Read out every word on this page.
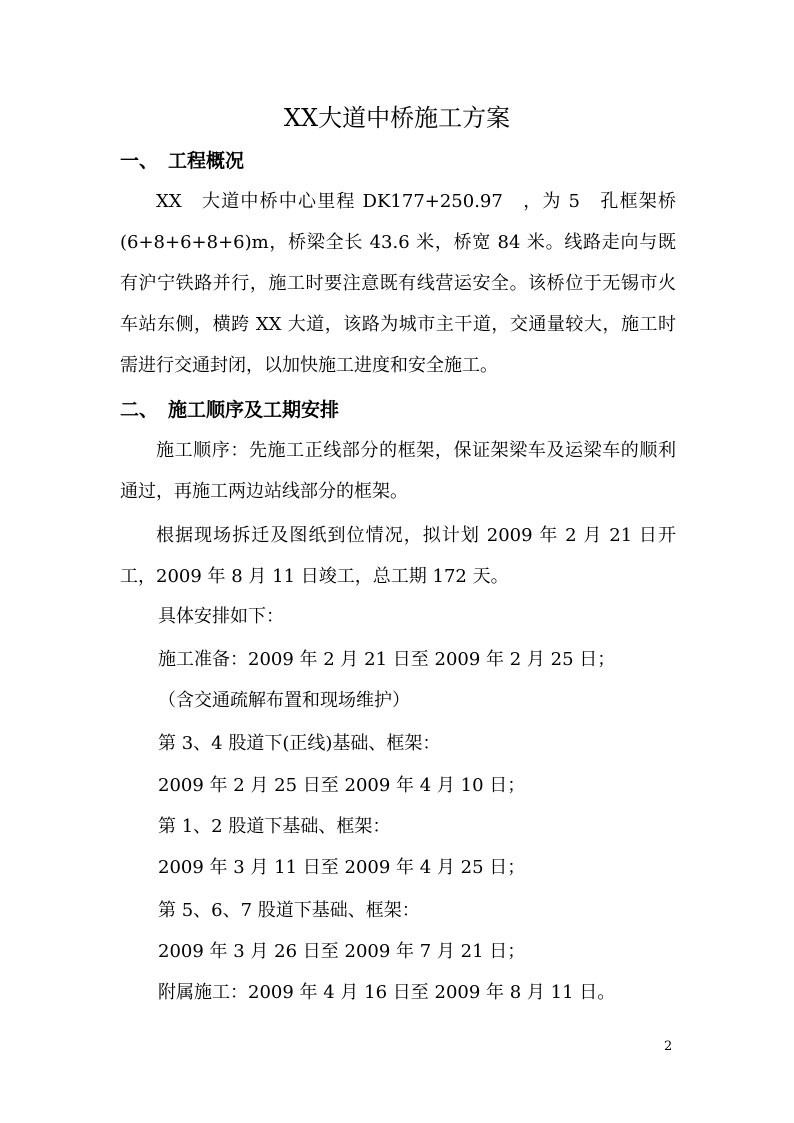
XX大道中桥施工方案
一、 工程概况
XX　大道中桥中心里程 DK177+250.97　，为 5　孔框架桥(6+8+6+8+6)m，桥梁全长 43.6 米，桥宽 84 米。线路走向与既有沪宁铁路并行，施工时要注意既有线营运安全。该桥位于无锡市火车站东侧，横跨 XX 大道，该路为城市主干道，交通量较大，施工时需进行交通封闭，以加快施工进度和安全施工。
二、 施工顺序及工期安排
施工顺序：先施工正线部分的框架，保证架梁车及运梁车的顺利通过，再施工两边站线部分的框架。
根据现场拆迁及图纸到位情况，拟计划 2009 年 2 月 21 日开工，2009 年 8 月 11 日竣工，总工期 172 天。
具体安排如下：
施工准备：2009 年 2 月 21 日至 2009 年 2 月 25 日；
（含交通疏解布置和现场维护）
第 3、4 股道下(正线)基础、框架：
2009 年 2 月 25 日至 2009 年 4 月 10 日；
第 1、2 股道下基础、框架：
2009 年 3 月 11 日至 2009 年 4 月 25 日；
第 5、6、7 股道下基础、框架：
2009 年 3 月 26 日至 2009 年 7 月 21 日；
附属施工：2009 年 4 月 16 日至 2009 年 8 月 11 日。
2
